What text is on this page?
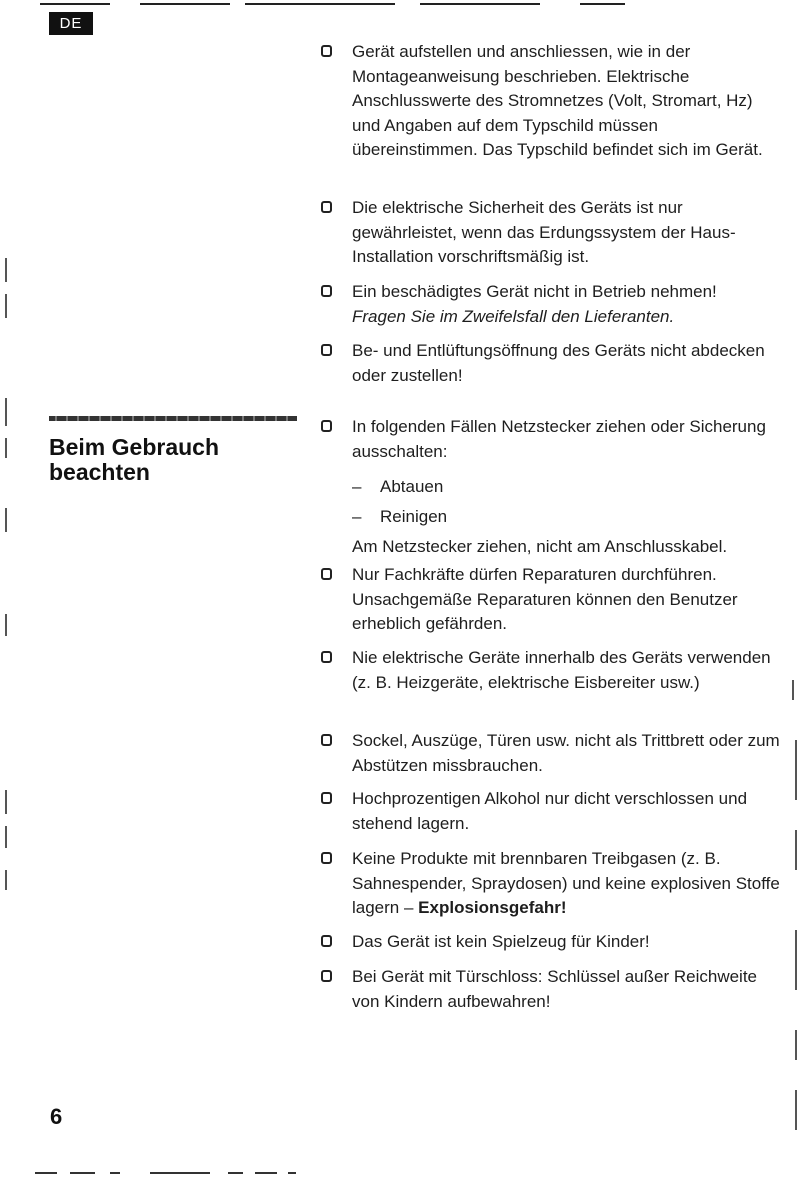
DE
Beim Gebrauch
beachten
Gerät aufstellen und anschliessen, wie in der Montageanweisung beschrieben. Elektrische Anschlusswerte des Stromnetzes (Volt, Stromart, Hz) und Angaben auf dem Typschild müssen übereinstimmen. Das Typschild befindet sich im Gerät.
Die elektrische Sicherheit des Geräts ist nur gewährleistet, wenn das Erdungssystem der Haus-Installation vorschriftsmäßig ist.
Ein beschädigtes Gerät nicht in Betrieb nehmen!
Fragen Sie im Zweifelsfall den Lieferanten.
Be- und Entlüftungsöffnung des Geräts nicht abdecken oder zustellen!
In folgenden Fällen Netzstecker ziehen oder Sicherung ausschalten:
– Abtauen
– Reinigen
Am Netzstecker ziehen, nicht am Anschlusskabel.
Nur Fachkräfte dürfen Reparaturen durchführen. Unsachgemäße Reparaturen können den Benutzer erheblich gefährden.
Nie elektrische Geräte innerhalb des Geräts verwenden (z. B. Heizgeräte, elektrische Eisbereiter usw.)
Sockel, Auszüge, Türen usw. nicht als Trittbrett oder zum Abstützen missbrauchen.
Hochprozentigen Alkohol nur dicht verschlossen und stehend lagern.
Keine Produkte mit brennbaren Treibgasen (z. B. Sahnespender, Spraydosen) und keine explosiven Stoffe lagern – Explosionsgefahr!
Das Gerät ist kein Spielzeug für Kinder!
Bei Gerät mit Türschloss: Schlüssel außer Reichweite von Kindern aufbewahren!
6
